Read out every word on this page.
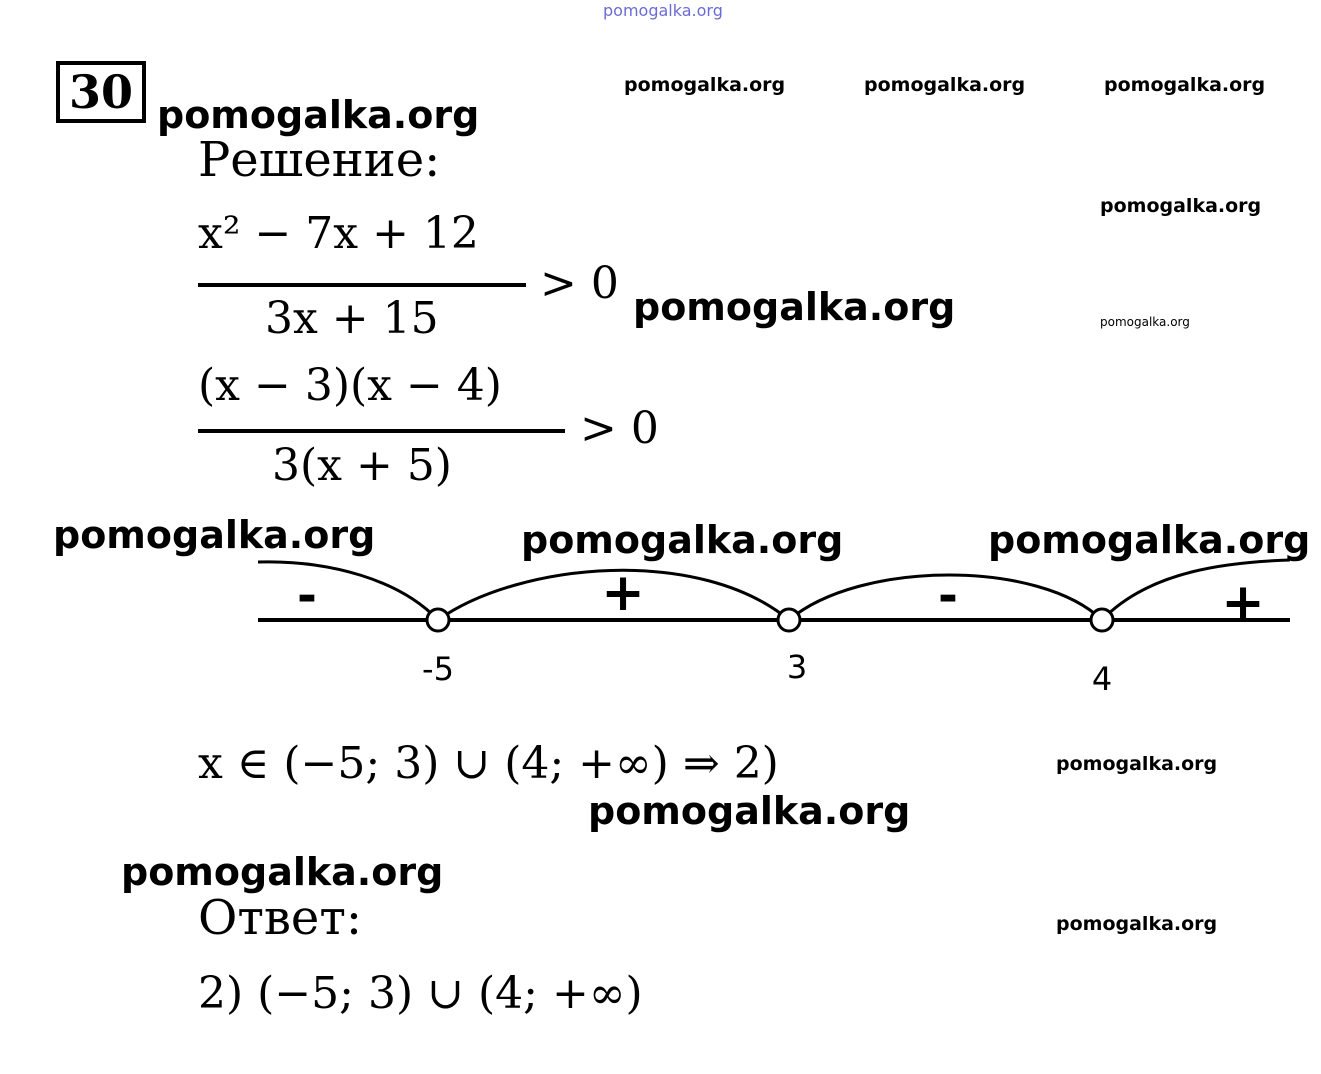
pomogalka.org
pomogalka.org	pomogalka.org	pomogalka.org
pomogalka.org
pomogalka.org
pomogalka.org	pomogalka.org
pomogalka.org	pomogalka.org	pomogalka.org
pomogalka.org
pomogalka.org
pomogalka.org
pomogalka.org
30
Решение:
x² − 7x + 12
3x + 15
> 0
(x − 3)(x − 4)
3(x + 5)
> 0
-	+	-	+
-5	3	4
x ∈ (−5; 3) ∪ (4; +∞) ⇒ 2)
Ответ:
2) (−5; 3) ∪ (4; +∞)
